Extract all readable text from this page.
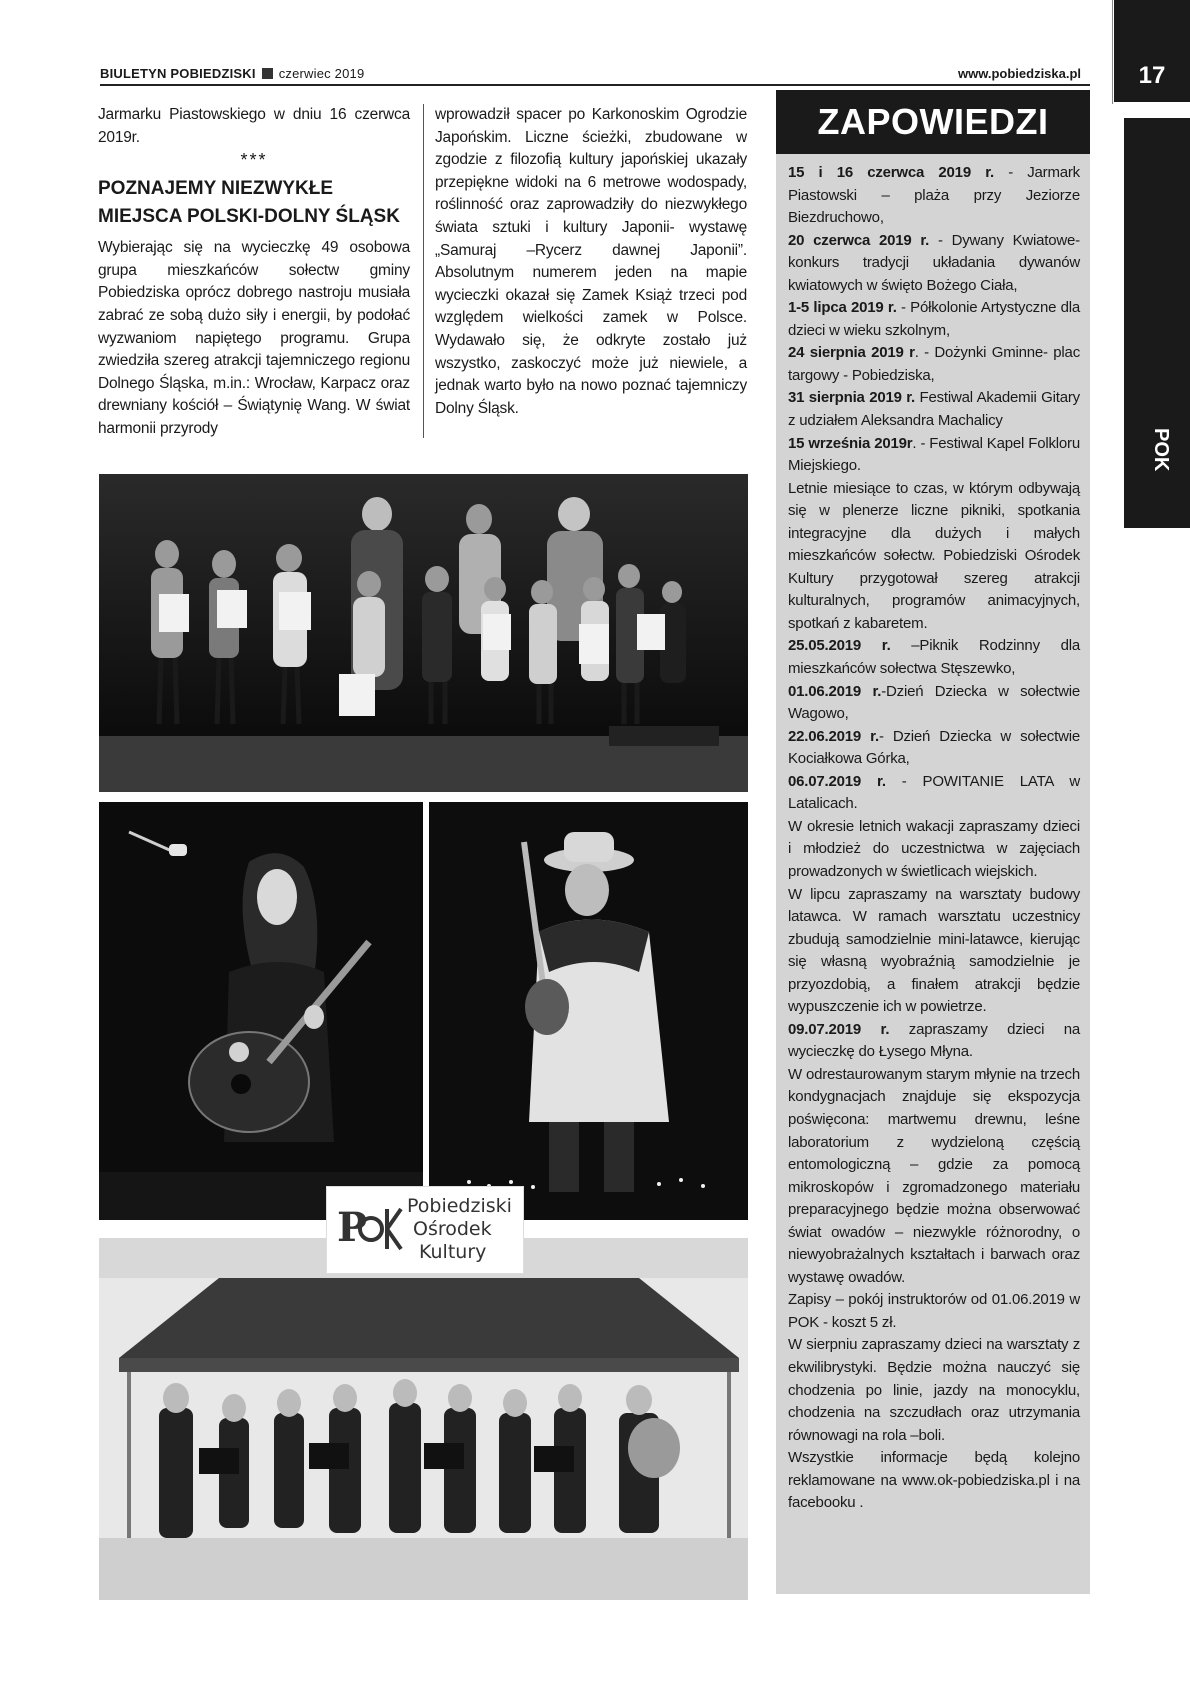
BIULETYN POBIEDZISKI czerwiec 2019	www.pobiedziska.pl	17
POK

Jarmarku Piastowskiego w dniu 16 czerwca 2019r.

***
POZNAJEMY NIEZWYKŁE MIEJSCA POLSKI-DOLNY ŚLĄSK

Wybierając się na wycieczkę 49 osobowa grupa mieszkańców sołectw gminy Pobiedziska oprócz dobrego nastroju musiała zabrać ze sobą dużo siły i energii, by podołać wyzwaniom napiętego programu. Grupa zwiedziła szereg atrakcji tajemniczego regionu Dolnego Śląska, m.in.: Wrocław, Karpacz oraz drewniany kościół – Świątynię Wang. W świat harmonii przyrody

wprowadził spacer po Karkonoskim Ogrodzie Japońskim. Liczne ścieżki, zbudowane w zgodzie z filozofią kultury japońskiej ukazały przepiękne widoki na 6 metrowe wodospady, roślinność oraz zaprowadziły do niezwykłego świata sztuki i kultury Japonii- wystawę „Samuraj –Rycerz dawnej Japonii”. Absolutnym numerem jeden na mapie wycieczki okazał się Zamek Książ trzeci pod względem wielkości zamek w Polsce. Wydawało się, że odkryte zostało już wszystko, zaskoczyć może już niewiele, a jednak warto było na nowo poznać tajemniczy Dolny Śląsk.

P Pobiedziski
Ośrodek
Kultury
ZAPOWIEDZI

15 i 16 czerwca 2019 r. - Jarmark Piastowski – plaża przy Jeziorze Biezdruchowo,

20 czerwca 2019 r. - Dywany Kwiatowe- konkurs tradycji układania dywanów kwiatowych w święto Bożego Ciała,

1-5 lipca 2019 r. - Półkolonie Artystyczne dla dzieci w wieku szkolnym,

24 sierpnia 2019 r. - Dożynki Gminne- plac targowy - Pobiedziska,

31 sierpnia 2019 r. Festiwal Akademii Gitary z udziałem Aleksandra Machalicy

15 września 2019r. - Festiwal Kapel Folkloru Miejskiego.

Letnie miesiące to czas, w którym odbywają się w plenerze liczne pikniki, spotkania integracyjne dla dużych i małych mieszkańców sołectw. Pobiedziski Ośrodek Kultury przygotował szereg atrakcji kulturalnych, programów animacyjnych, spotkań z kabaretem.

25.05.2019 r. –Piknik Rodzinny dla mieszkańców sołectwa Stęszewko,

01.06.2019 r.-Dzień Dziecka w sołectwie Wagowo,

22.06.2019 r.- Dzień Dziecka w sołectwie Kociałkowa Górka,

06.07.2019 r. - POWITANIE LATA w Latalicach.

W okresie letnich wakacji zapraszamy dzieci i młodzież do uczestnictwa w zajęciach prowadzonych w świetlicach wiejskich.

W lipcu zapraszamy na warsztaty budowy latawca. W ramach warsztatu uczestnicy zbudują samodzielnie mini-latawce, kierując się własną wyobraźnią samodzielnie je przyozdobią, a finałem atrakcji będzie wypuszczenie ich w powietrze.

09.07.2019 r. zapraszamy dzieci na wycieczkę do Łysego Młyna.

W odrestaurowanym starym młynie na trzech kondygnacjach znajduje się ekspozycja poświęcona: martwemu drewnu, leśne laboratorium z wydzieloną częścią entomologiczną – gdzie za pomocą mikroskopów i zgromadzonego materiału preparacyjnego będzie można obserwować świat owadów – niezwykle różnorodny, o niewyobrażalnych kształtach i barwach oraz wystawę owadów.

Zapisy – pokój instruktorów od 01.06.2019 w POK - koszt 5 zł.

W sierpniu zapraszamy dzieci na warsztaty z ekwilibrystyki. Będzie można nauczyć się chodzenia po linie, jazdy na monocyklu, chodzenia na szczudłach oraz utrzymania równowagi na rola –boli.

Wszystkie informacje będą kolejno reklamowane na www.ok-pobiedziska.pl i na facebooku .
